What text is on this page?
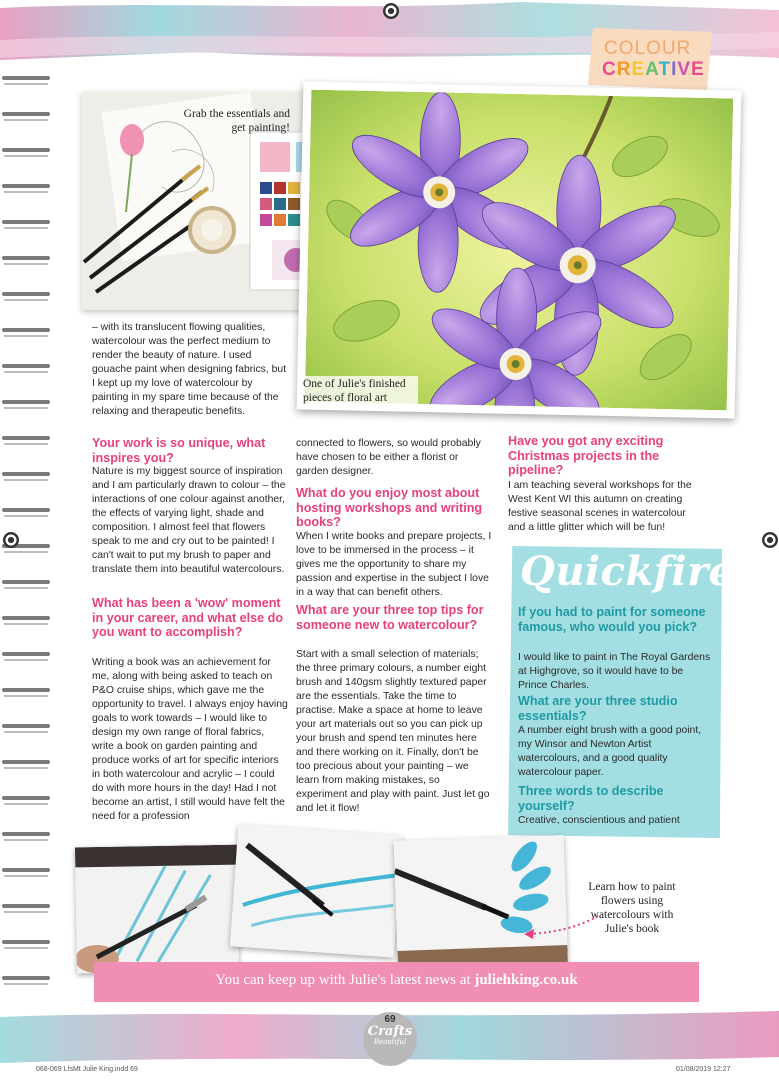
COLOUR
CREATIVE
Grab the essentials and get painting!
One of Julie's finished pieces of floral art
– with its translucent flowing qualities, watercolour was the perfect medium to render the beauty of nature. I used gouache paint when designing fabrics, but I kept up my love of watercolour by painting in my spare time because of the relaxing and therapeutic benefits.
Your work is so unique, what inspires you?
Nature is my biggest source of inspiration and I am particularly drawn to colour – the interactions of one colour against another, the effects of varying light, shade and composition. I almost feel that flowers speak to me and cry out to be painted! I can't wait to put my brush to paper and translate them into beautiful watercolours.
What has been a 'wow' moment in your career, and what else do you want to accomplish?
Writing a book was an achievement for me, along with being asked to teach on P&O cruise ships, which gave me the opportunity to travel. I always enjoy having goals to work towards – I would like to design my own range of floral fabrics, write a book on garden painting and produce works of art for specific interiors in both watercolour and acrylic – I could do with more hours in the day! Had I not become an artist, I still would have felt the need for a profession
connected to flowers, so would probably have chosen to be either a florist or garden designer.
What do you enjoy most about hosting workshops and writing books?
When I write books and prepare projects, I love to be immersed in the process – it gives me the opportunity to share my passion and expertise in the subject I love in a way that can benefit others.
What are your three top tips for someone new to watercolour?
Start with a small selection of materials; the three primary colours, a number eight brush and 140gsm slightly textured paper are the essentials. Take the time to practise. Make a space at home to leave your art materials out so you can pick up your brush and spend ten minutes here and there working on it. Finally, don't be too precious about your painting – we learn from making mistakes, so experiment and play with paint. Just let go and let it flow!
Have you got any exciting Christmas projects in the pipeline?
I am teaching several workshops for the West Kent WI this autumn on creating festive seasonal scenes in watercolour and a little glitter which will be fun!
Quickfire
If you had to paint for someone famous, who would you pick?
I would like to paint in The Royal Gardens at Highgrove, so it would have to be Prince Charles.
What are your three studio essentials?
A number eight brush with a good point, my Winsor and Newton Artist watercolours, and a good quality watercolour paper.
Three words to describe yourself?
Creative, conscientious and patient
Learn how to paint flowers using watercolours with Julie's book
You can keep up with Julie's latest news at juliehking.co.uk
69
Crafts
Beautiful
068-069 LfsMt Julie King.indd 69	01/08/2019 12:27
